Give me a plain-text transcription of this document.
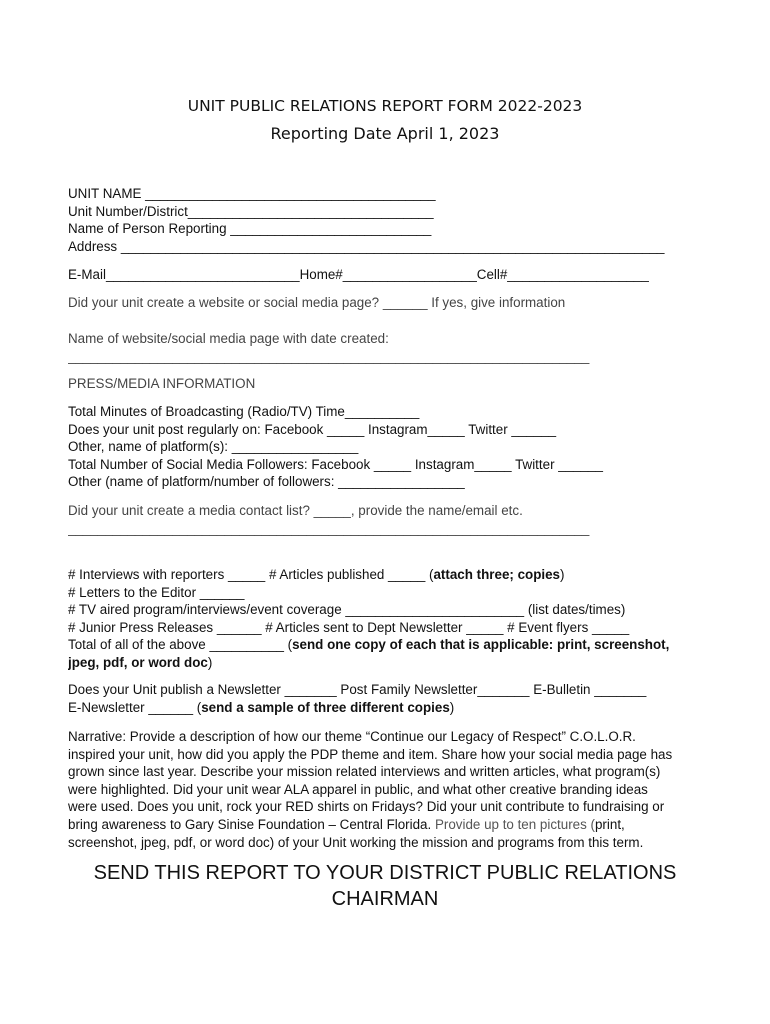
UNIT PUBLIC RELATIONS REPORT FORM 2022-2023
Reporting Date April 1, 2023
UNIT NAME _______________________________________
Unit Number/District_________________________________
Name of Person Reporting ___________________________
Address _________________________________________________________________________
E-Mail__________________________Home#__________________Cell#___________________
Did your unit create a website or social media page? ______ If yes, give information
Name of website/social media page with date created:
______________________________________________________________________
PRESS/MEDIA INFORMATION
Total Minutes of Broadcasting (Radio/TV) Time__________
Does your unit post regularly on: Facebook _____ Instagram_____ Twitter ______
Other, name of platform(s): _________________
Total Number of Social Media Followers: Facebook _____ Instagram_____ Twitter ______
Other (name of platform/number of followers: _________________
Did your unit create a media contact list? _____, provide the name/email etc.
______________________________________________________________________
# Interviews with reporters _____ # Articles published _____ (attach three; copies)
# Letters to the Editor ______
# TV aired program/interviews/event coverage ________________________ (list dates/times)
# Junior Press Releases ______ # Articles sent to Dept Newsletter _____ # Event flyers _____
Total of all of the above __________ (send one copy of each that is applicable: print, screenshot,
jpeg, pdf, or word doc)
Does your Unit publish a Newsletter _______ Post Family Newsletter_______ E-Bulletin _______
E-Newsletter ______ (send a sample of three different copies)
Narrative: Provide a description of how our theme “Continue our Legacy of Respect” C.O.L.O.R.
inspired your unit, how did you apply the PDP theme and item. Share how your social media page has
grown since last year. Describe your mission related interviews and written articles, what program(s)
were highlighted. Did your unit wear ALA apparel in public, and what other creative branding ideas
were used. Does you unit, rock your RED shirts on Fridays? Did your unit contribute to fundraising or
bring awareness to Gary Sinise Foundation – Central Florida. Provide up to ten pictures (print,
screenshot, jpeg, pdf, or word doc) of your Unit working the mission and programs from this term.
SEND THIS REPORT TO YOUR DISTRICT PUBLIC RELATIONS
CHAIRMAN
